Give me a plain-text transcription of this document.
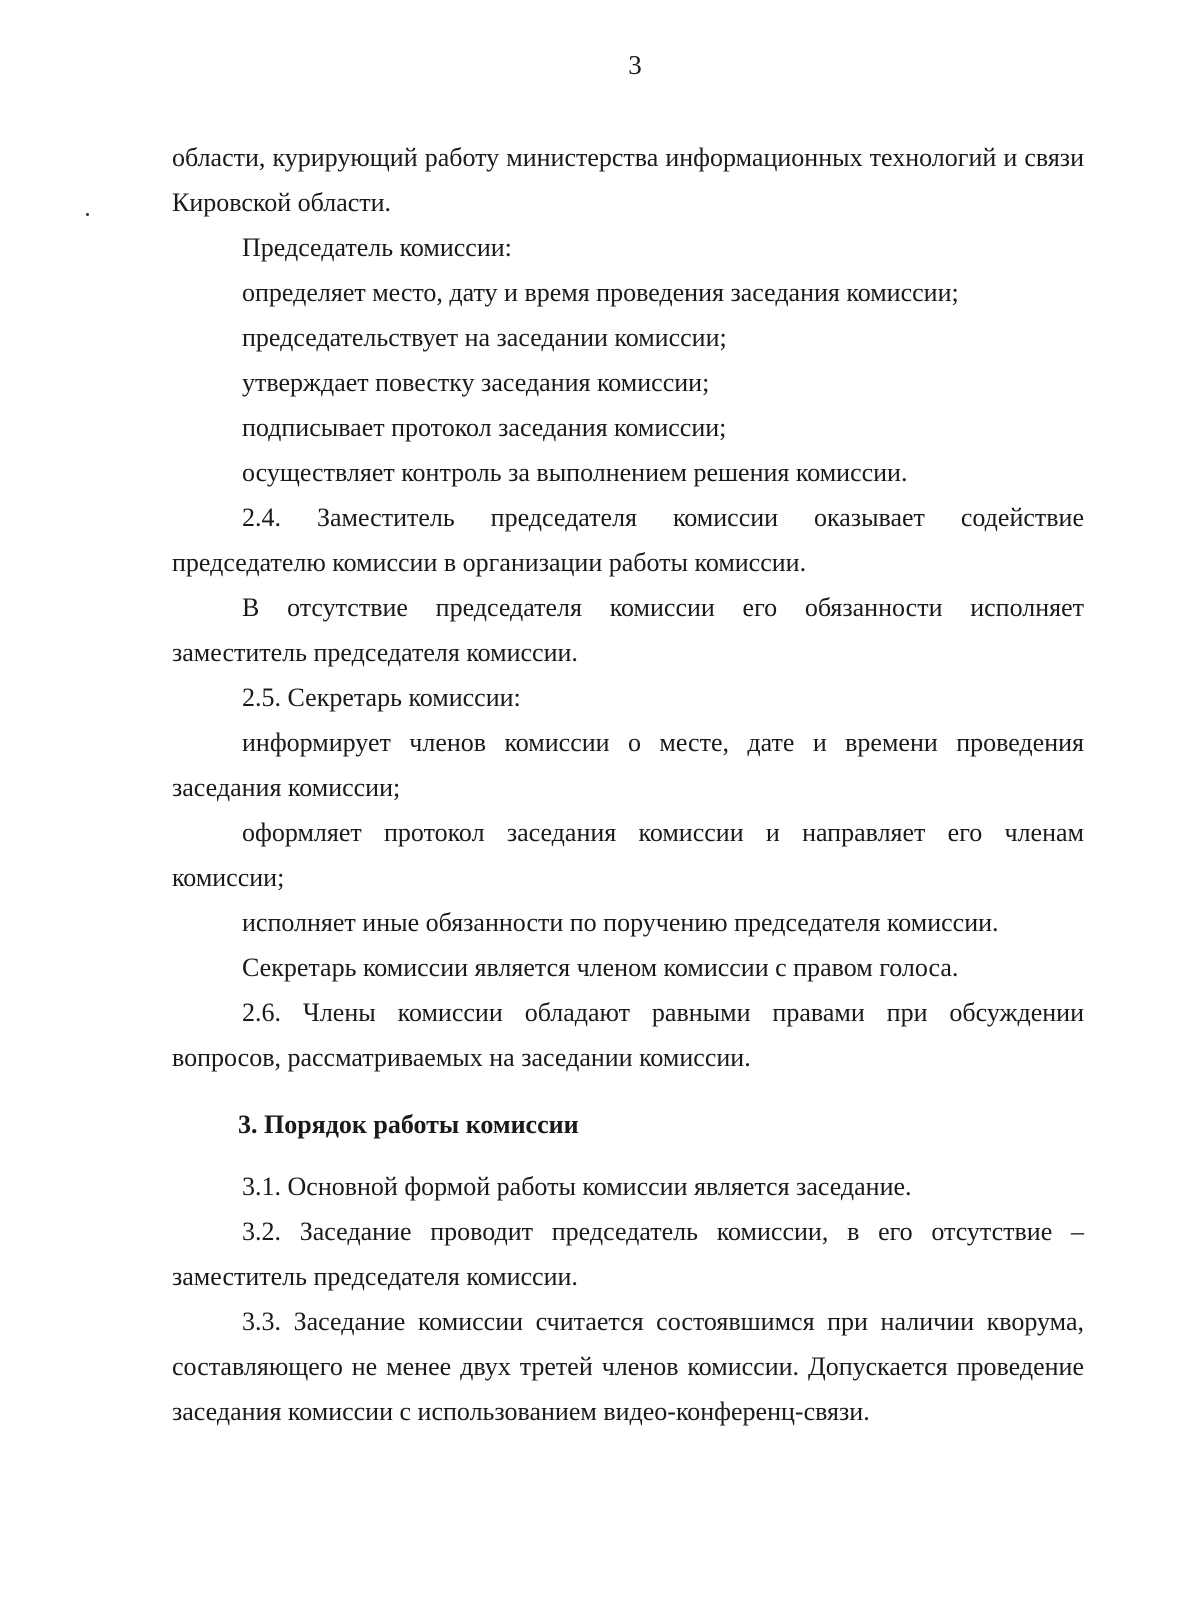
3

области, курирующий работу министерства информационных технологий и связи Кировской области.

Председатель комиссии:

определяет место, дату и время проведения заседания комиссии;

председательствует на заседании комиссии;

утверждает повестку заседания комиссии;

подписывает протокол заседания комиссии;

осуществляет контроль за выполнением решения комиссии.

2.4. Заместитель председателя комиссии оказывает содействие председателю комиссии в организации работы комиссии.

В отсутствие председателя комиссии его обязанности исполняет заместитель председателя комиссии.

2.5. Секретарь комиссии:

информирует членов комиссии о месте, дате и времени проведения заседания комиссии;

оформляет протокол заседания комиссии и направляет его членам комиссии;

исполняет иные обязанности по поручению председателя комиссии.

Секретарь комиссии является членом комиссии с правом голоса.

2.6. Члены комиссии обладают равными правами при обсуждении вопросов, рассматриваемых на заседании комиссии.

3. Порядок работы комиссии

3.1. Основной формой работы комиссии является заседание.

3.2. Заседание проводит председатель комиссии, в его отсутствие – заместитель председателя комиссии.

3.3. Заседание комиссии считается состоявшимся при наличии кворума, составляющего не менее двух третей членов комиссии. Допускается проведение заседания комиссии с использованием видео-конференц-связи.
